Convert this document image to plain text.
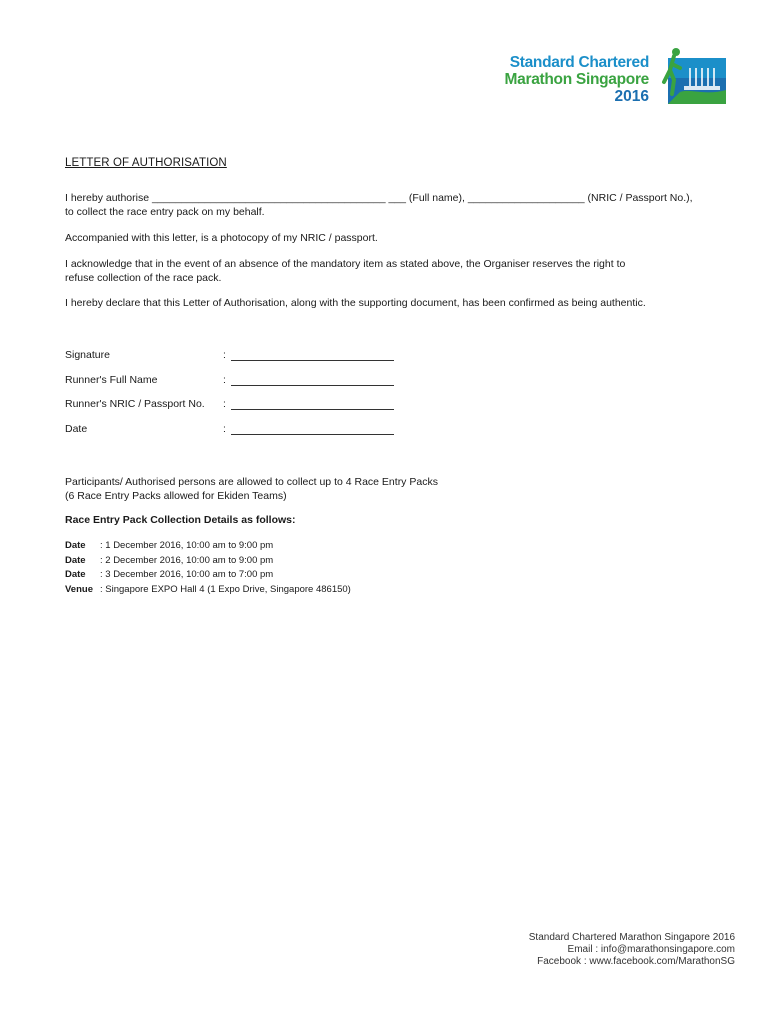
Standard Chartered
Marathon Singapore
2016
LETTER OF AUTHORISATION
I hereby authorise ________________________________________ ___ (Full name), ____________________ (NRIC / Passport No.),
to collect the race entry pack on my behalf.
Accompanied with this letter, is a photocopy of my NRIC / passport.
I acknowledge that in the event of an absence of the mandatory item as stated above, the Organiser reserves the right to
refuse collection of the race pack.
I hereby declare that this Letter of Authorisation, along with the supporting document, has been confirmed as being authentic.
Signature	:
Runner's Full Name	:
Runner's NRIC / Passport No. :
Date	:
Participants/ Authorised persons are allowed to collect up to 4 Race Entry Packs
(6 Race Entry Packs allowed for Ekiden Teams)
Race Entry Pack Collection Details as follows:
Date : 1 December 2016, 10:00 am to 9:00 pm
Date : 2 December 2016, 10:00 am to 9:00 pm
Date : 3 December 2016, 10:00 am to 7:00 pm
Venue : Singapore EXPO Hall 4 (1 Expo Drive, Singapore 486150)
Standard Chartered Marathon Singapore 2016
Email : info@marathonsingapore.com
Facebook : www.facebook.com/MarathonSG
